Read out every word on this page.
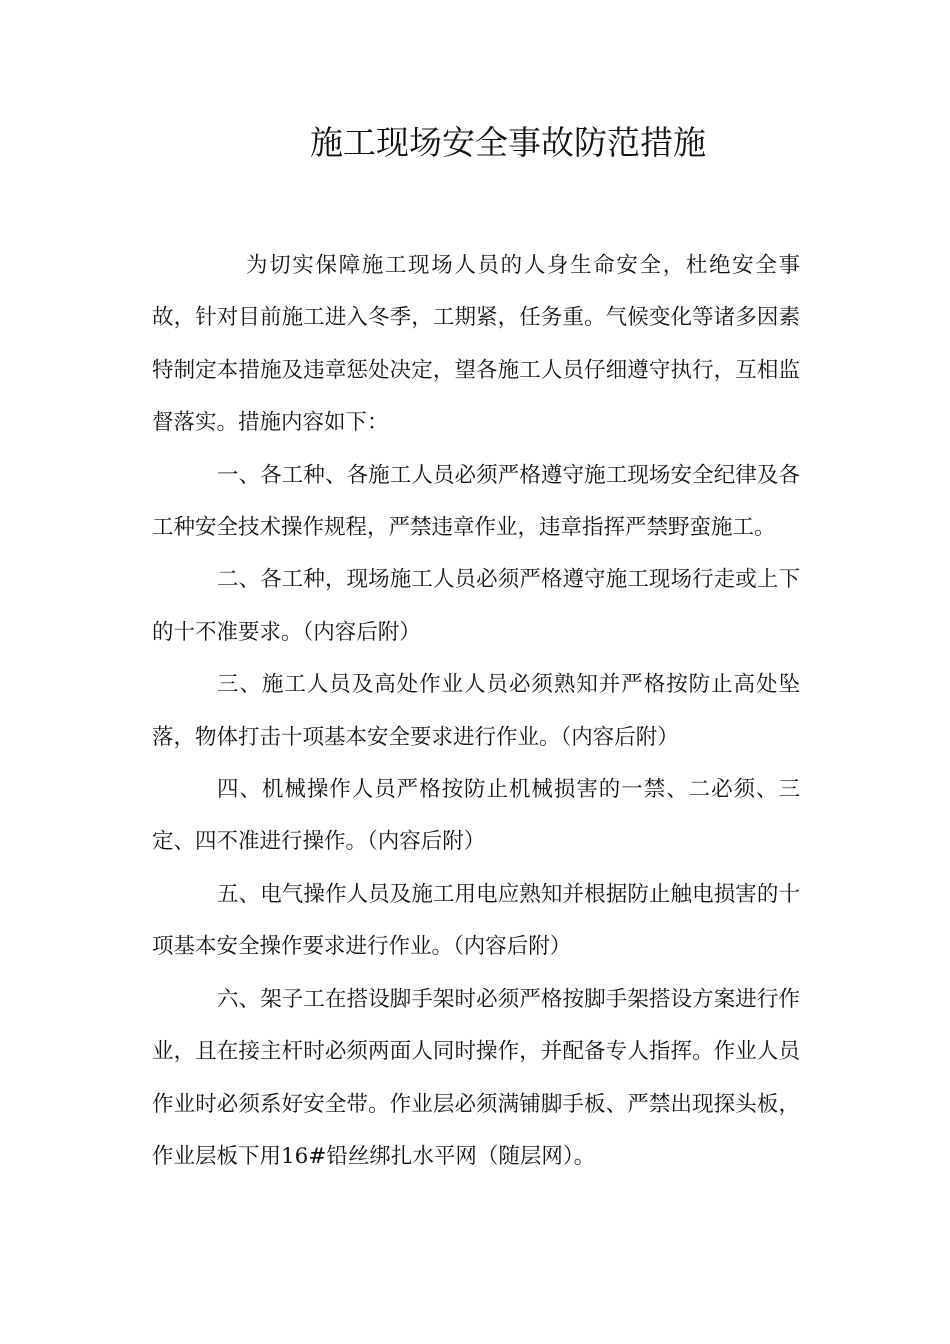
施工现场安全事故防范措施

为切实保障施工现场人员的人身生命安全，杜绝安全事故，针对目前施工进入冬季，工期紧，任务重。气候变化等诸多因素特制定本措施及违章惩处决定，望各施工人员仔细遵守执行，互相监督落实。措施内容如下：

一、各工种、各施工人员必须严格遵守施工现场安全纪律及各工种安全技术操作规程，严禁违章作业，违章指挥严禁野蛮施工。

二、各工种，现场施工人员必须严格遵守施工现场行走或上下的十不准要求。（内容后附）

三、施工人员及高处作业人员必须熟知并严格按防止高处坠落，物体打击十项基本安全要求进行作业。（内容后附）

四、机械操作人员严格按防止机械损害的一禁、二必须、三定、四不准进行操作。（内容后附）

五、电气操作人员及施工用电应熟知并根据防止触电损害的十项基本安全操作要求进行作业。（内容后附）

六、架子工在搭设脚手架时必须严格按脚手架搭设方案进行作业，且在接主杆时必须两面人同时操作，并配备专人指挥。作业人员作业时必须系好安全带。作业层必须满铺脚手板、严禁出现探头板，作业层板下用16#铅丝绑扎水平网（随层网）。
